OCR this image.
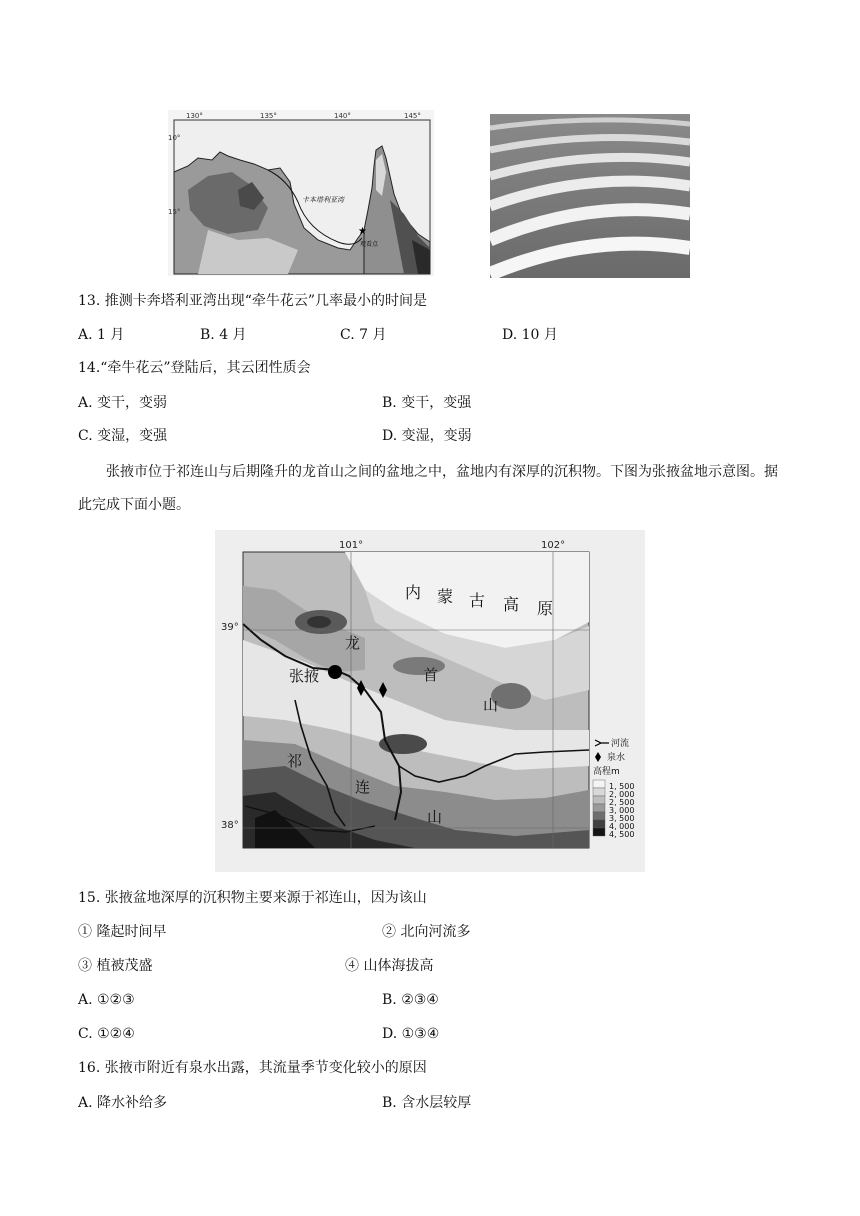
130°	135°	140°	145°
10°
15°
卡本塔利亚湾
★
观看点
13. 推测卡奔塔利亚湾出现“牵牛花云”几率最小的时间是
A. 1 月	B. 4 月	C. 7 月	D. 10 月
14.“牵牛花云”登陆后，其云团性质会
A. 变干，变弱	B. 变干，变强
C. 变湿，变强	D. 变湿，变弱
张掖市位于祁连山与后期隆升的龙首山之间的盆地之中，盆地内有深厚的沉积物。下图为张掖盆地示意图。据此完成下面小题。
101°	102°
39°
38°
内 蒙 古 高 原
龙
首
山
祁
连
山
张掖
河流
泉水
高程m
1, 500
2, 000
2, 500
3, 000
3, 500
4, 000
4, 500
15. 张掖盆地深厚的沉积物主要来源于祁连山，因为该山
① 隆起时间早	② 北向河流多
③ 植被茂盛	④ 山体海拔高
A. ①②③	B. ②③④
C. ①②④	D. ①③④
16. 张掖市附近有泉水出露，其流量季节变化较小的原因
A. 降水补给多	B. 含水层较厚
